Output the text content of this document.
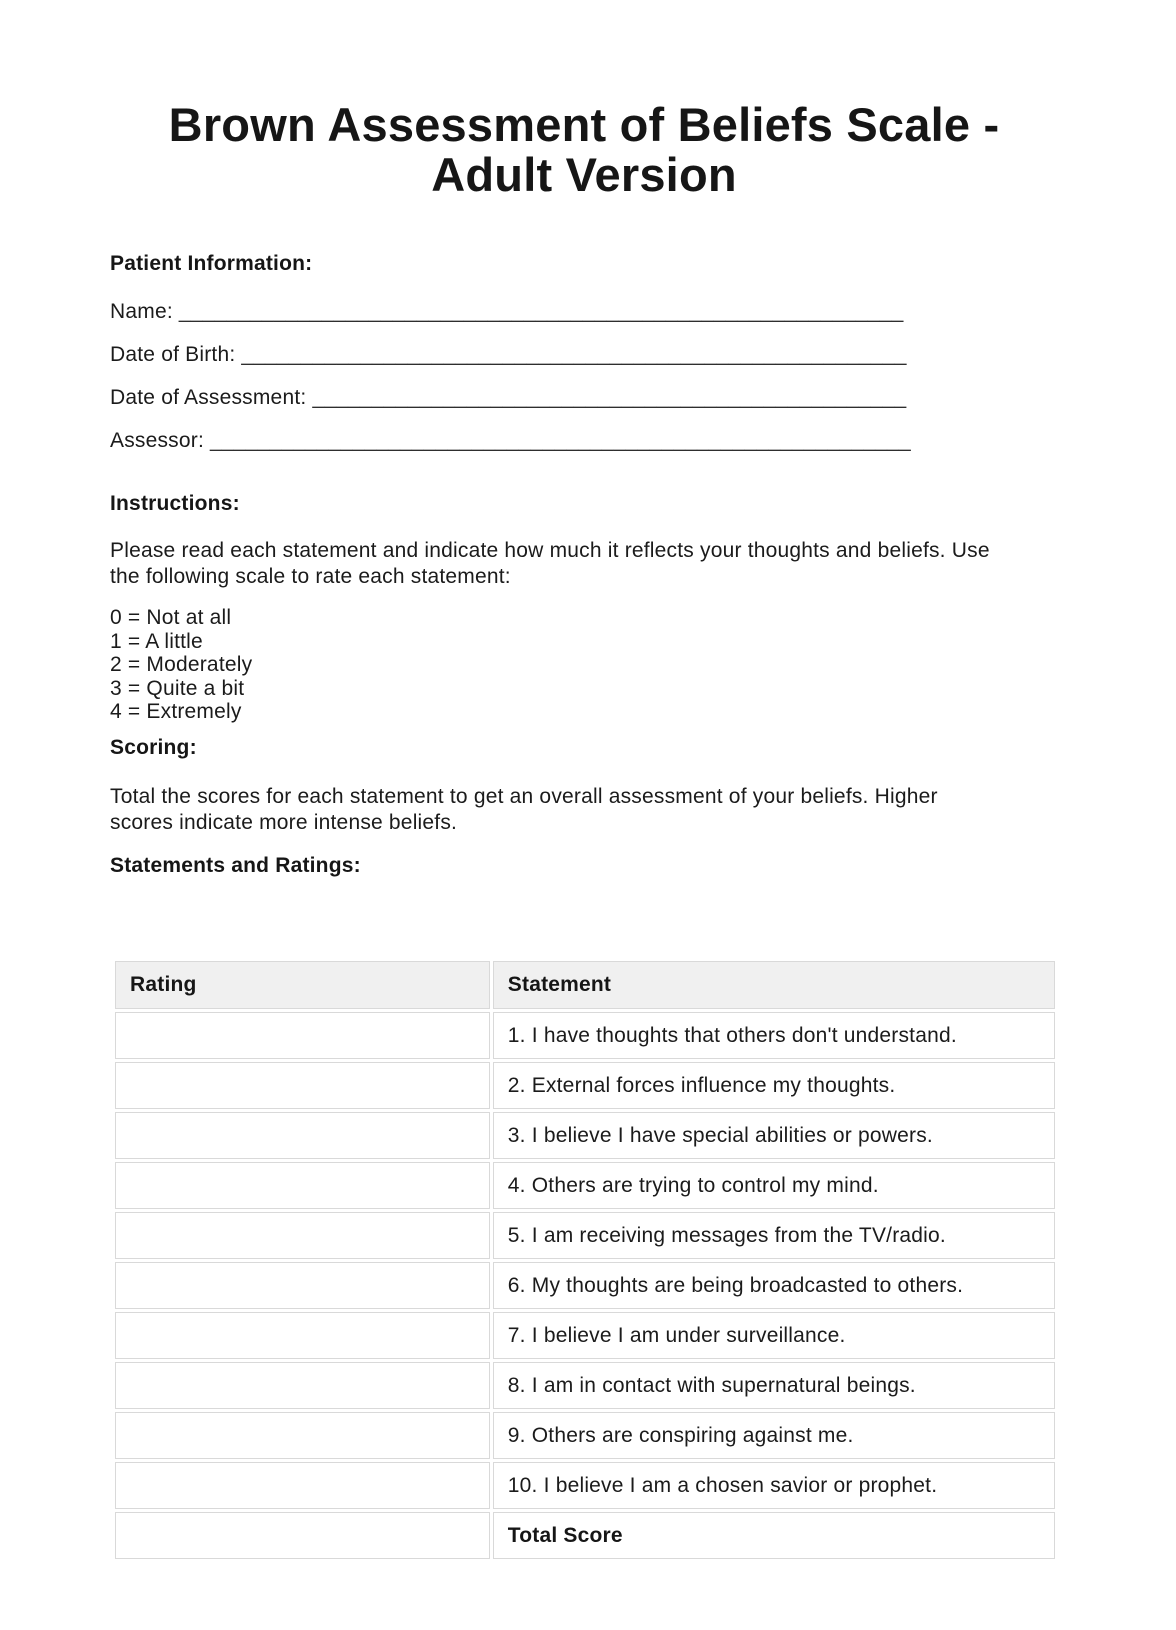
Brown Assessment of Beliefs Scale - Adult Version
Patient Information:
Name: _____________________________________________________________
Date of Birth: ________________________________________________________
Date of Assessment: __________________________________________________
Assessor: ___________________________________________________________
Instructions:

Please read each statement and indicate how much it reflects your thoughts and beliefs. Use the following scale to rate each statement:

0 = Not at all
1 = A little
2 = Moderately
3 = Quite a bit
4 = Extremely
Scoring:

Total the scores for each statement to get an overall assessment of your beliefs. Higher scores indicate more intense beliefs.

Statements and Ratings:
Rating	Statement
	1. I have thoughts that others don't understand.
	2. External forces influence my thoughts.
	3. I believe I have special abilities or powers.
	4. Others are trying to control my mind.
	5. I am receiving messages from the TV/radio.
	6. My thoughts are being broadcasted to others.
	7. I believe I am under surveillance.
	8. I am in contact with supernatural beings.
	9. Others are conspiring against me.
	10. I believe I am a chosen savior or prophet.
	Total Score
